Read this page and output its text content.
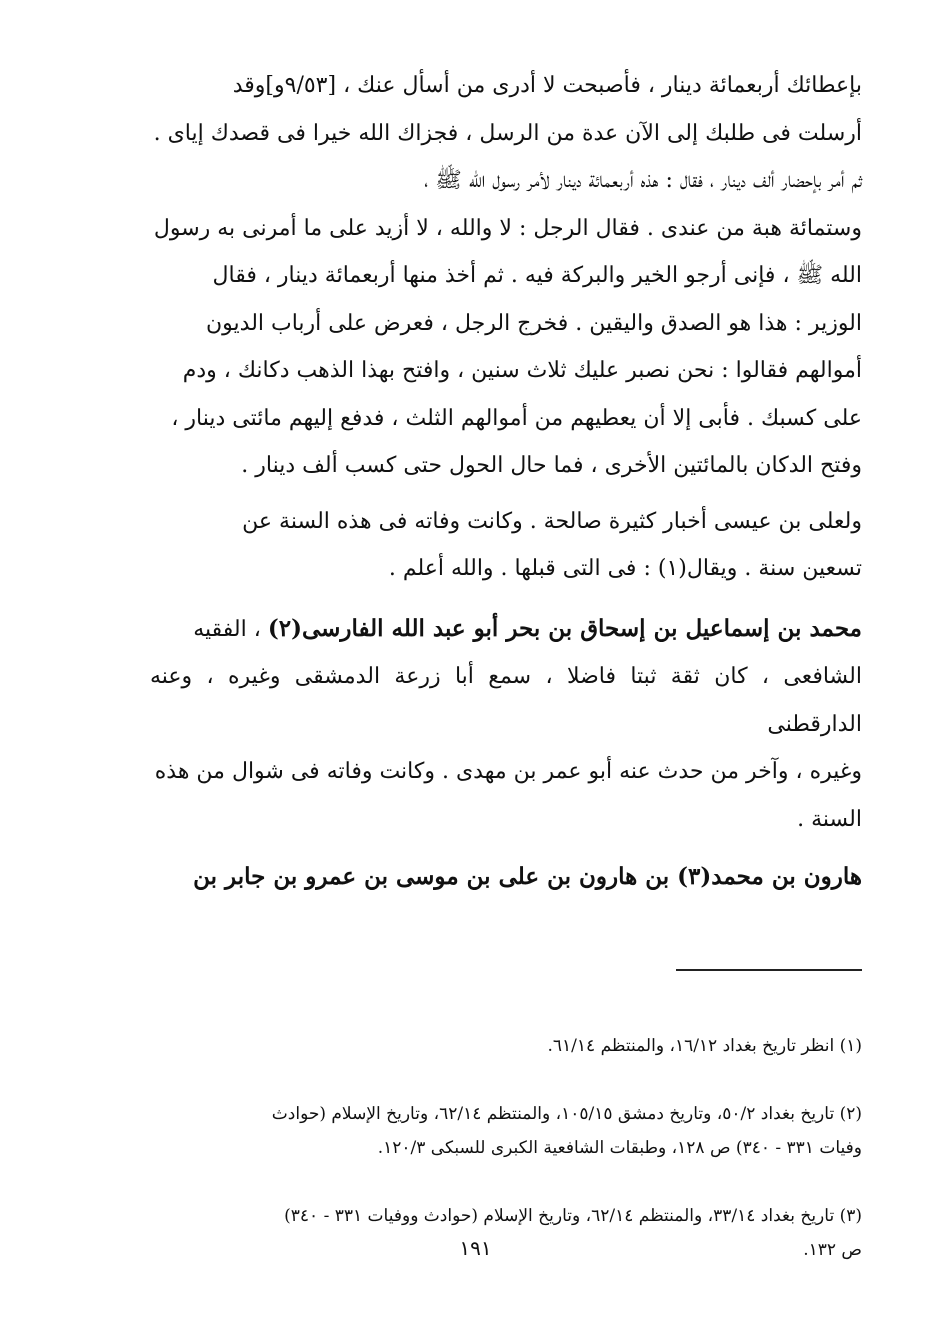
بإعطائك أربعمائة دينار ، فأصبحت لا أدرى من أسأل عنك ، [٩/٥٣و]وقد
أرسلت فى طلبك إلى الآن عدة من الرسل ، فجزاك الله خيرا فى قصدك إياى .
ثم أمر بإحضار ألف دينار ، فقال : هذه أربعمائة دينار لأمر رسول الله ﷺ ،
وستمائة هبة من عندى . فقال الرجل : لا والله ، لا أزيد على ما أمرنى به رسول
الله ﷺ ، فإنى أرجو الخير والبركة فيه . ثم أخذ منها أربعمائة دينار ، فقال
الوزير : هذا هو الصدق واليقين . فخرج الرجل ، فعرض على أرباب الديون
أموالهم فقالوا : نحن نصبر عليك ثلاث سنين ، وافتح بهذا الذهب دكانك ، ودم
على كسبك . فأبى إلا أن يعطيهم من أموالهم الثلث ، فدفع إليهم مائتى دينار ،
وفتح الدكان بالمائتين الأخرى ، فما حال الحول حتى كسب ألف دينار .

ولعلى بن عيسى أخبار كثيرة صالحة . وكانت وفاته فى هذه السنة عن
تسعين سنة . ويقال(١) : فى التى قبلها . والله أعلم .

محمد بن إسماعيل بن إسحاق بن بحر أبو عبد الله الفارسى(٢) ، الفقيه
الشافعى ، كان ثقة ثبتا فاضلا ، سمع أبا زرعة الدمشقى وغيره ، وعنه الدارقطنى
وغيره ، وآخر من حدث عنه أبو عمر بن مهدى . وكانت وفاته فى شوال من هذه
السنة .

هارون بن محمد(٣) بن هارون بن على بن موسى بن عمرو بن جابر بن

(١) انظر تاريخ بغداد ١٦/١٢، والمنتظم ٦١/١٤.

(٢) تاريخ بغداد ٥٠/٢، وتاريخ دمشق ١٠٥/١٥، والمنتظم ٦٢/١٤، وتاريخ الإسلام (حوادث
وفيات ٣٣١ - ٣٤٠) ص ١٢٨، وطبقات الشافعية الكبرى للسبكى ١٢٠/٣.

(٣) تاريخ بغداد ٣٣/١٤، والمنتظم ٦٢/١٤، وتاريخ الإسلام (حوادث ووفيات ٣٣١ - ٣٤٠)
ص ١٣٢.

١٩١
